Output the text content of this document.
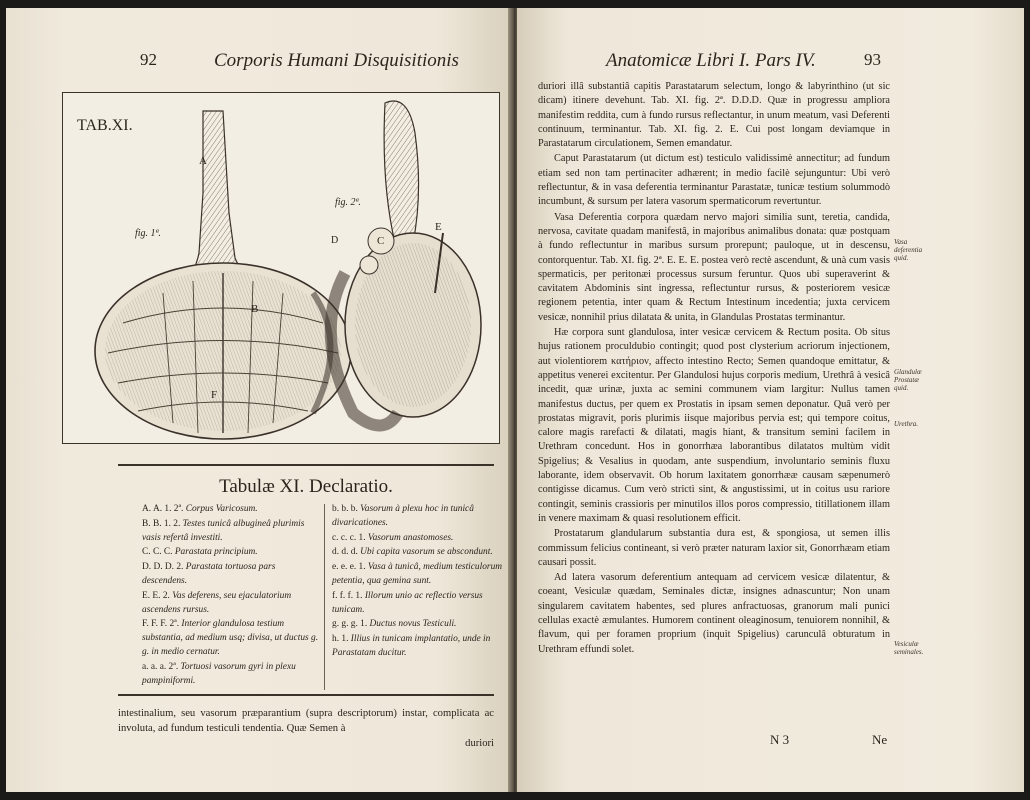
92	Corporis Humani Disquisitionis
TAB.XI.
fig. 1ª.
fig. 2ª.
A
B
C
D
E
F
Tabulæ XI. Declaratio.
A. A. 1. 2ª. Corpus Varicosum.
B. B. 1. 2. Testes tunicâ albugineâ plurimis vasis refertâ investiti.
C. C. C. Parastata principium.
D. D. D. 2. Parastata tortuosa pars descendens.
E. E. 2. Vas deferens, seu ejaculatorium ascendens rursus.
F. F. F. 2ª. Interior glandulosa testium substantia, ad medium usq; divisa, ut ductus g. g. in medio cernatur.
a. a. a. 2ª. Tortuosi vasorum gyri in plexu pampiniformi.
b. b. b. Vasorum à plexu hoc in tunicâ divaricationes.
c. c. c. 1. Vasorum anastomoses.
d. d. d. Ubi capita vasorum se abscondunt.
e. e. e. 1. Vasa à tunicâ, medium testiculorum petentia, qua gemina sunt.
f. f. f. 1. Illorum unio ac reflectio versus tunicam.
g. g. g. 1. Ductus novus Testiculi.
h. 1. Illius in tunicam implantatio, unde in Parastatam ducitur.
intestinalium, seu vasorum præparantium (supra descriptorum) instar, complicata ac involuta, ad fundum testiculi tendentia. Quæ Semen à
duriori
Anatomicæ Libri I. Pars IV.	93

duriori illâ substantiâ capitis Parastatarum selectum, longo & labyrinthino (ut sic dicam) itinere devehunt. Tab. XI. fig. 2ª. D.D.D. Quæ in progressu ampliora manifestim reddita, cum à fundo rursus reflectantur, in unum meatum, vasi Deferenti continuum, terminantur. Tab. XI. fig. 2. E. Cui post longam deviamque in Parastatarum circulationem, Semen emandatur.

Caput Parastatarum (ut dictum est) testiculo validissimè annectitur; ad fundum etiam sed non tam pertinaciter adhærent; in medio facilè sejunguntur: Ubi verò reflectuntur, & in vasa deferentia terminantur Parastatæ, tunicæ testium solummodò incumbunt, & sursum per latera vasorum spermaticorum revertuntur.

Vasa Deferentia corpora quædam nervo majori similia sunt, teretia, candida, nervosa, cavitate quadam manifestâ, in majoribus animalibus donata: quæ postquam à fundo reflectuntur in maribus sursum prorepunt; pauloque, ut in descensu, contorquentur. Tab. XI. fig. 2ª. E. E. E. postea verò rectè ascendunt, & unà cum vasis spermaticis, per peritonæi processus sursum feruntur. Quos ubi superaverint & cavitatem Abdominis sint ingressa, reflectuntur rursus, & posteriorem vesicæ regionem petentia, inter quam & Rectum Intestinum incedentia; juxta cervicem vesicæ, nonnihil prius dilatata & unita, in Glandulas Prostatas terminantur.

Hæ corpora sunt glandulosa, inter vesicæ cervicem & Rectum posita. Ob situs hujus rationem proculdubio contingit; quod post clysterium acriorum injectionem, aut violentiorem κατήριον, affecto intestino Recto; Semen quandoque emittatur, & appetitus venerei excitentur. Per Glandulosi hujus corporis medium, Urethrâ à vesicâ incedit, quæ urinæ, juxta ac semini communem viam largitur: Nullus tamen manifestus ductus, per quem ex Prostatis in ipsam semen deponatur. Quâ verò per prostatas migravit, poris plurimis iisque majoribus pervia est; qui tempore coitus, calore magis rarefacti & dilatati, magis hiant, & transitum semini facilem in Urethram concedunt. Hos in gonorrhæa laborantibus dilatatos multùm vidit Spigelius; & Vesalius in quodam, ante suspendium, involuntario seminis fluxu laborante, idem observavit. Ob horum laxitatem gonorrhææ causam sæpenumerò contigisse dicamus. Cum verò strictì sint, & angustissimi, ut in coitus usu rariore contingit, seminis crassioris per minutilos illos poros compressio, titillationem illam in venere maximam & quasi resolutionem efficit.

Prostatarum glandularum substantia dura est, & spongiosa, ut semen illis commissum felicius contineant, si verò præter naturam laxior sit, Gonorrhæam etiam causari possit.

Ad latera vasorum deferentium antequam ad cervicem vesicæ dilatentur, & coeant, Vesiculæ quædam, Seminales dictæ, insignes adnascuntur; Non unam singularem cavitatem habentes, sed plures anfractuosas, granorum mali punici cellulas exactè æmulantes. Humorem continent oleaginosum, tenuiorem nonnihil, & flavum, qui per foramen proprium (inquit Spigelius) carunculâ obturatum in Urethram effundi solet.

Vasa deferentia quid.
Glandulæ Prostatæ quid.
Urethra.
Vesiculæ seminales.
N 3	Ne
